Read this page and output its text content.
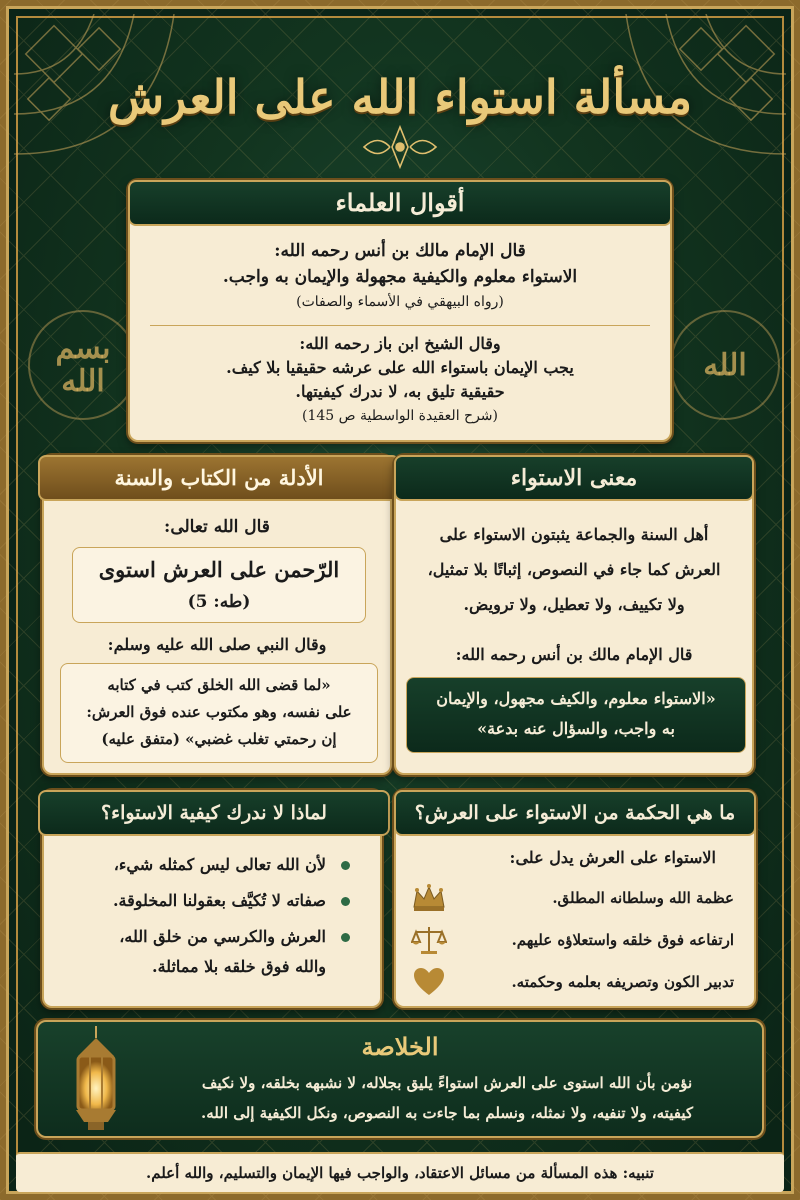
مسألة استواء الله على العرش
بسم الله	الله
أقوال العلماء
قال الإمام مالك بن أنس رحمه الله:
الاستواء معلوم والكيفية مجهولة والإيمان به واجب.
(رواه البيهقي في الأسماء والصفات)
وقال الشيخ ابن باز رحمه الله:
يجب الإيمان باستواء الله على عرشه حقيقيا بلا كيف.
حقيقية تليق به، لا ندرك كيفيتها.
(شرح العقيدة الواسطية ص 145)
الأدلة من الكتاب والسنة
قال الله تعالى:
الرّحمن على العرش استوى
(طه: 5)
وقال النبي صلى الله عليه وسلم:
«لما قضى الله الخلق كتب في كتابه
على نفسه، وهو مكتوب عنده فوق العرش:
إن رحمتي تغلب غضبي» (متفق عليه)
معنى الاستواء
أهل السنة والجماعة يثبتون الاستواء على
العرش كما جاء في النصوص، إثباتًا بلا تمثيل،
ولا تكييف، ولا تعطيل، ولا ترويض.
قال الإمام مالك بن أنس رحمه الله:
«الاستواء معلوم، والكيف مجهول، والإيمان
به واجب، والسؤال عنه بدعة»
لماذا لا ندرك كيفية الاستواء؟
لأن الله تعالى ليس كمثله شيء،
صفاته لا تُكيَّف بعقولنا المخلوقة.
العرش والكرسي من خلق الله،
والله فوق خلقه بلا مماثلة.
ما هي الحكمة من الاستواء على العرش؟
الاستواء على العرش يدل على:
عظمة الله وسلطانه المطلق.
ارتفاعه فوق خلقه واستعلاؤه عليهم.
تدبير الكون وتصريفه بعلمه وحكمته.
الخلاصة
نؤمن بأن الله استوى على العرش استواءً يليق بجلاله، لا نشبهه بخلقه، ولا نكيف
كيفيته، ولا تنفيه، ولا نمثله، ونسلم بما جاءت به النصوص، ونكل الكيفية إلى الله.
تنبيه: هذه المسألة من مسائل الاعتقاد، والواجب فيها الإيمان والتسليم، والله أعلم.
